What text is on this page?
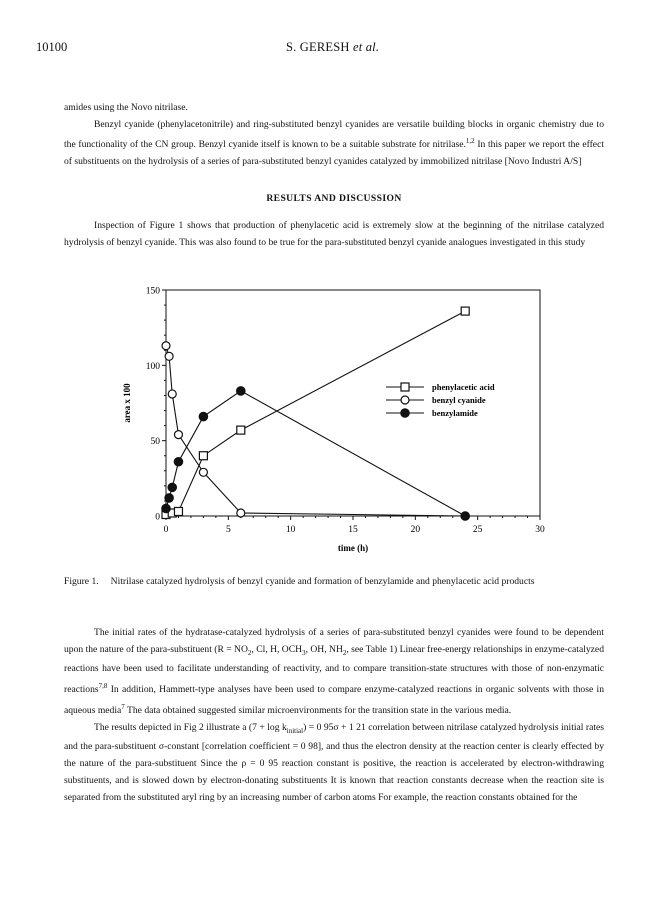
10100	S. GERESH et al.

amides using the Novo nitrilase.

Benzyl cyanide (phenylacetonitrile) and ring-substituted benzyl cyanides are versatile building blocks in organic chemistry due to the functionality of the CN group. Benzyl cyanide itself is known to be a suitable substrate for nitrilase.$^{1,2}$ In this paper we report the effect of substituents on the hydrolysis of a series of para-substituted benzyl cyanides catalyzed by immobilized nitrilase [Novo Industri A/S]

RESULTS AND DISCUSSION
Inspection of Figure 1 shows that production of phenylacetic acid is extremely slow at the beginning of the nitrilase catalyzed hydrolysis of benzyl cyanide. This was also found to be true for the para-substituted benzyl cyanide analogues investigated in this study
0	5	10	15	20	25	30
0
50
100
150
phenylacetic acid
benzyl cyanide
benzylamide
time (h)
area x 100
Figure 1. Nitrilase catalyzed hydrolysis of benzyl cyanide and formation of benzylamide and phenylacetic acid products

The initial rates of the hydratase-catalyzed hydrolysis of a series of para-substituted benzyl cyanides were found to be dependent upon the nature of the para-substituent ($R = NO_2$, Cl, H, $OCH_3$, OH, $NH_2$, see Table 1) Linear free-energy relationships in enzyme-catalyzed reactions have been used to facilitate understanding of reactivity, and to compare transition-state structures with those of non-enzymatic reactions$^{7,8}$ In addition, Hammett-type analyses have been used to compare enzyme-catalyzed reactions in organic solvents with those in aqueous media$^7$ The data obtained suggested similar microenvironments for the transition state in the various media.

The results depicted in Fig 2 illustrate a $(7 + \log k_{initial}) = 0$ 95σ + 1 21 correlation between nitrilase catalyzed hydrolysis initial rates and the para-substituent σ-constant [correlation coefficient = 0 98], and thus the electron density at the reaction center is clearly effected by the nature of the para-substituent Since the ρ = 0 95 reaction constant is positive, the reaction is accelerated by electron-withdrawing substituents, and is slowed down by electron-donating substituents It is known that reaction constants decrease when the reaction site is separated from the substituted aryl ring by an increasing number of carbon atoms For example, the reaction constants obtained for the
